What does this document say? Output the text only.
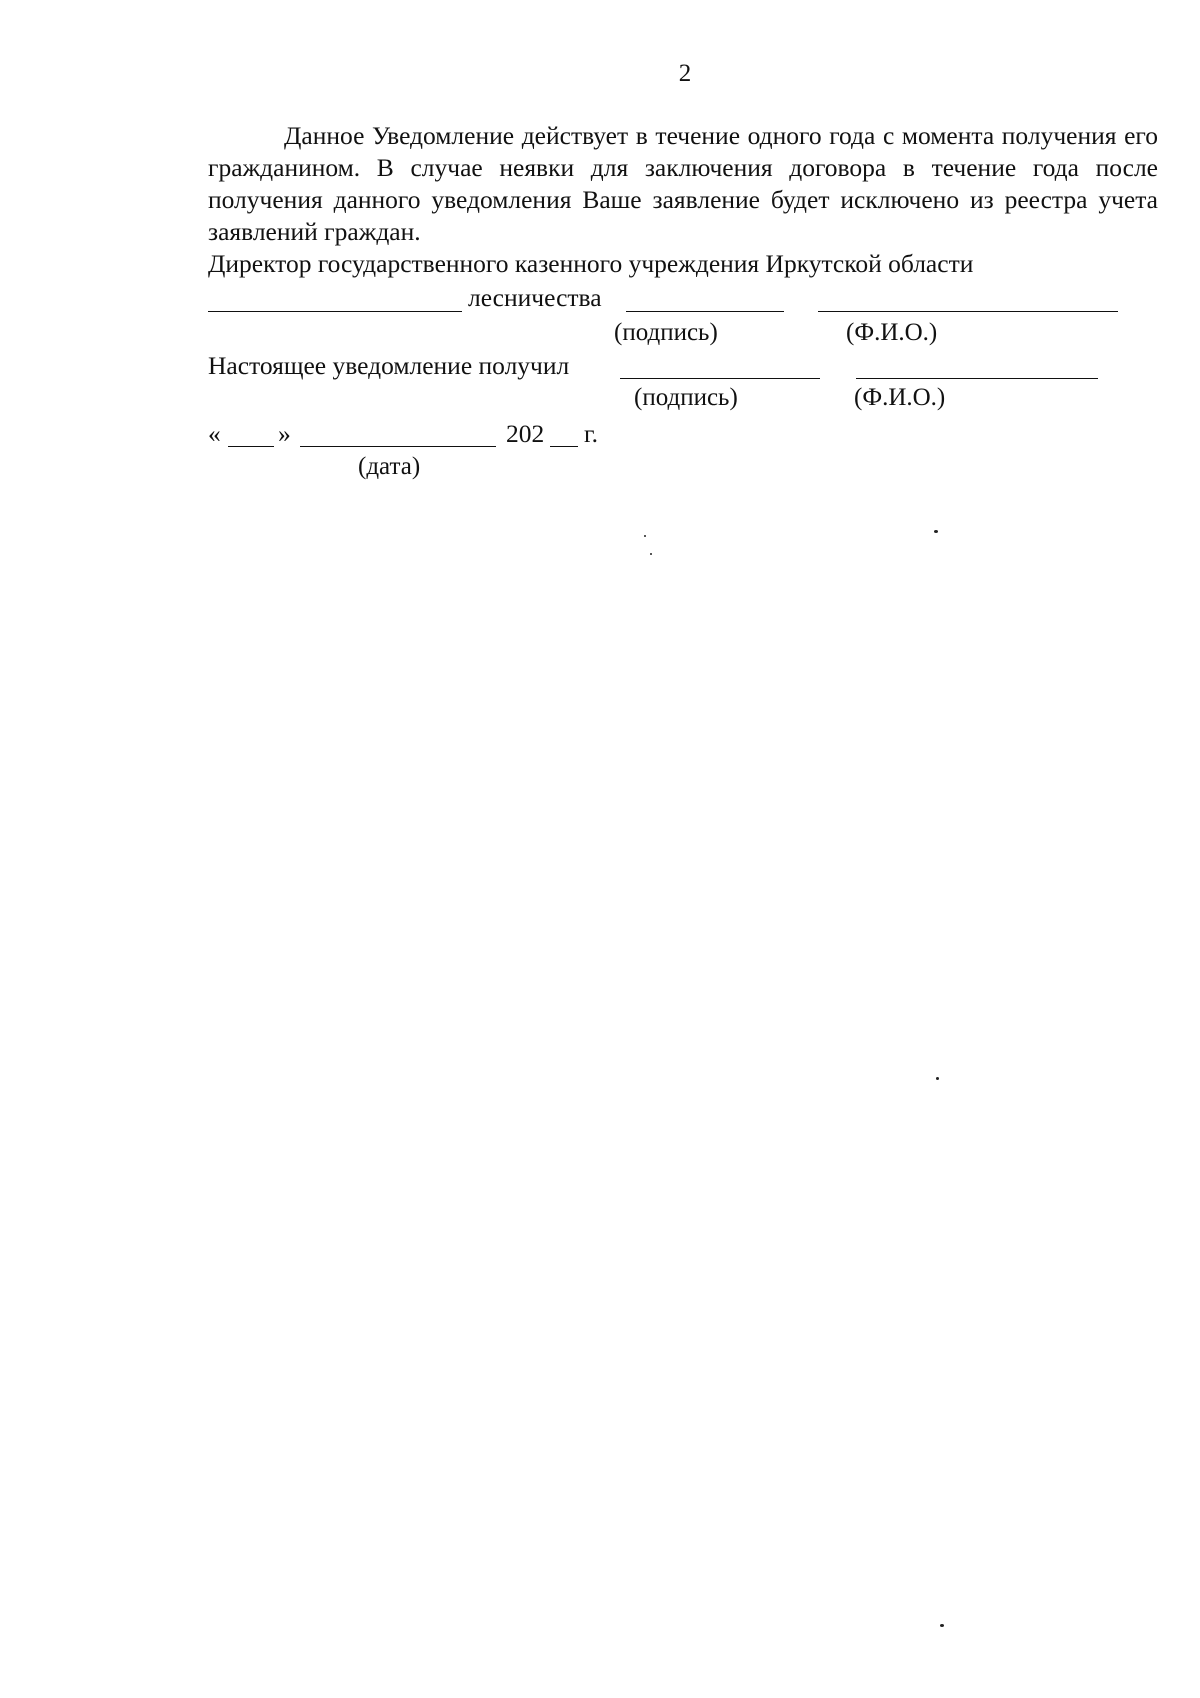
2
Данное Уведомление действует в течение одного года с момента получения его гражданином. В случае неявки для заключения договора в течение года после получения данного уведомления Ваше заявление будет исключено из реестра учета заявлений граждан.
Директор государственного казенного учреждения Иркутской области
лесничества
(подпись)	(Ф.И.О.)
Настоящее уведомление получил
(подпись)	(Ф.И.О.)
« »	202 г.
(дата)
